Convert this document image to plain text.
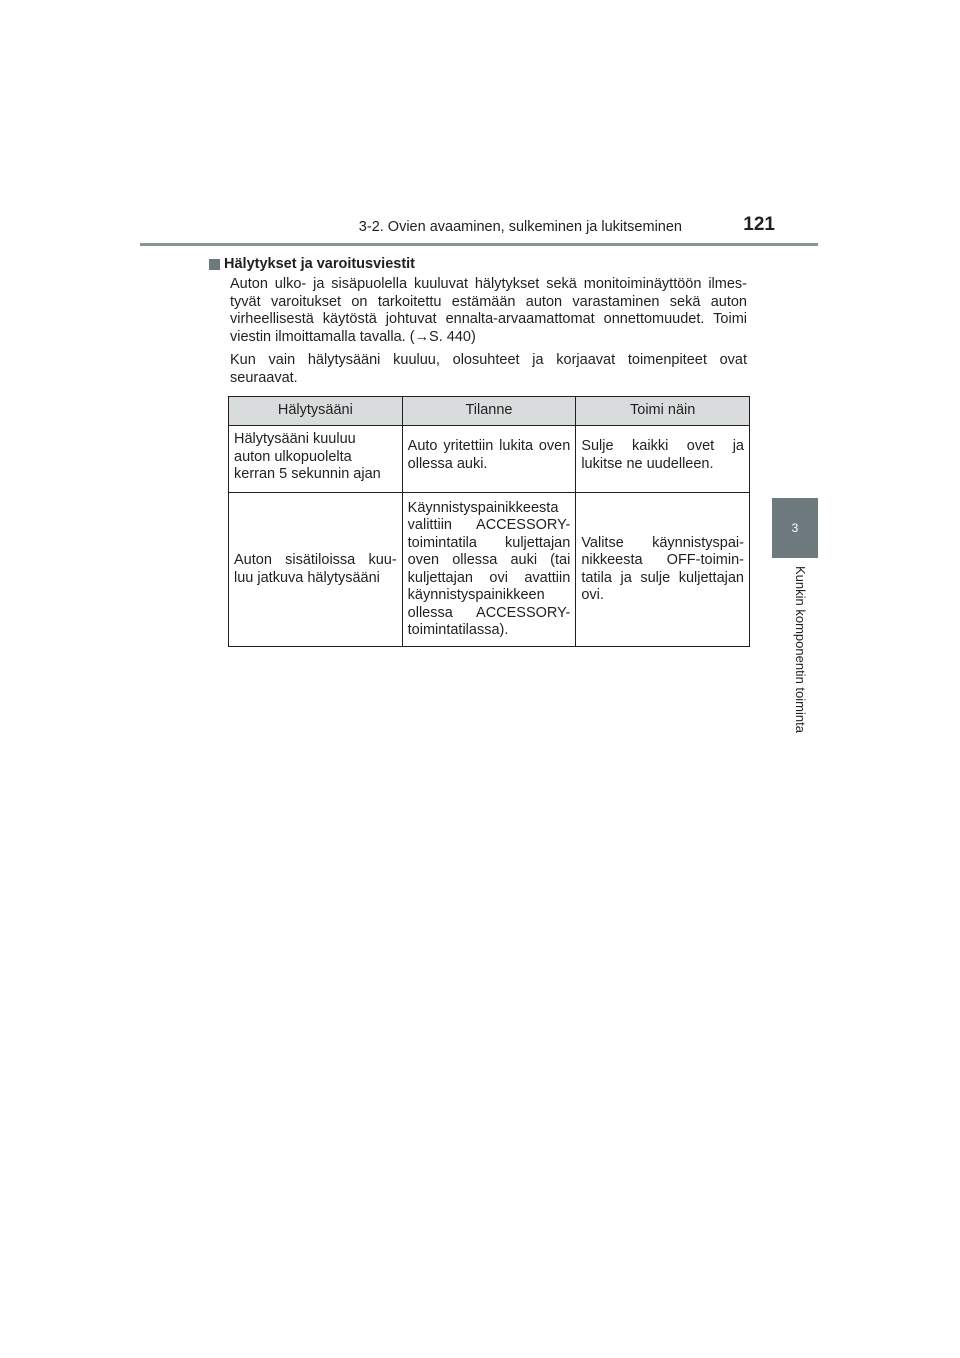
3-2. Ovien avaaminen, sulkeminen ja lukitseminen	121
3
Kunkin komponentin toiminta
Hälytykset ja varoitusviestit

Auton ulko- ja sisäpuolella kuuluvat hälytykset sekä monitoiminäyttöön ilmes-tyvät varoitukset on tarkoitettu estämään auton varastaminen sekä auton virheellisestä käytöstä johtuvat ennalta-arvaamattomat onnettomuudet. Toimi viestin ilmoittamalla tavalla. (→S. 440)

Kun vain hälytysääni kuuluu, olosuhteet ja korjaavat toimenpiteet ovat seuraavat.

Hälytysääni	Tilanne	Toimi näin
Hälytysääni kuuluu
auton ulkopuolelta
kerran 5 sekunnin ajan	Auto yritettiin lukita oven ollessa auki.	Sulje kaikki ovet ja lukitse ne uudelleen.
Auton sisätiloissa kuu-luu jatkuva hälytysääni	Käynnistyspainikkeesta valittiin ACCESSORY-toimintatila kuljettajan oven ollessa auki (tai kuljettajan ovi avattiin käynnistyspainikkeen ollessa ACCESSORY-toimintatilassa).	Valitse käynnistyspai-nikkeesta OFF-toimin-tatila ja sulje kuljettajan ovi.
